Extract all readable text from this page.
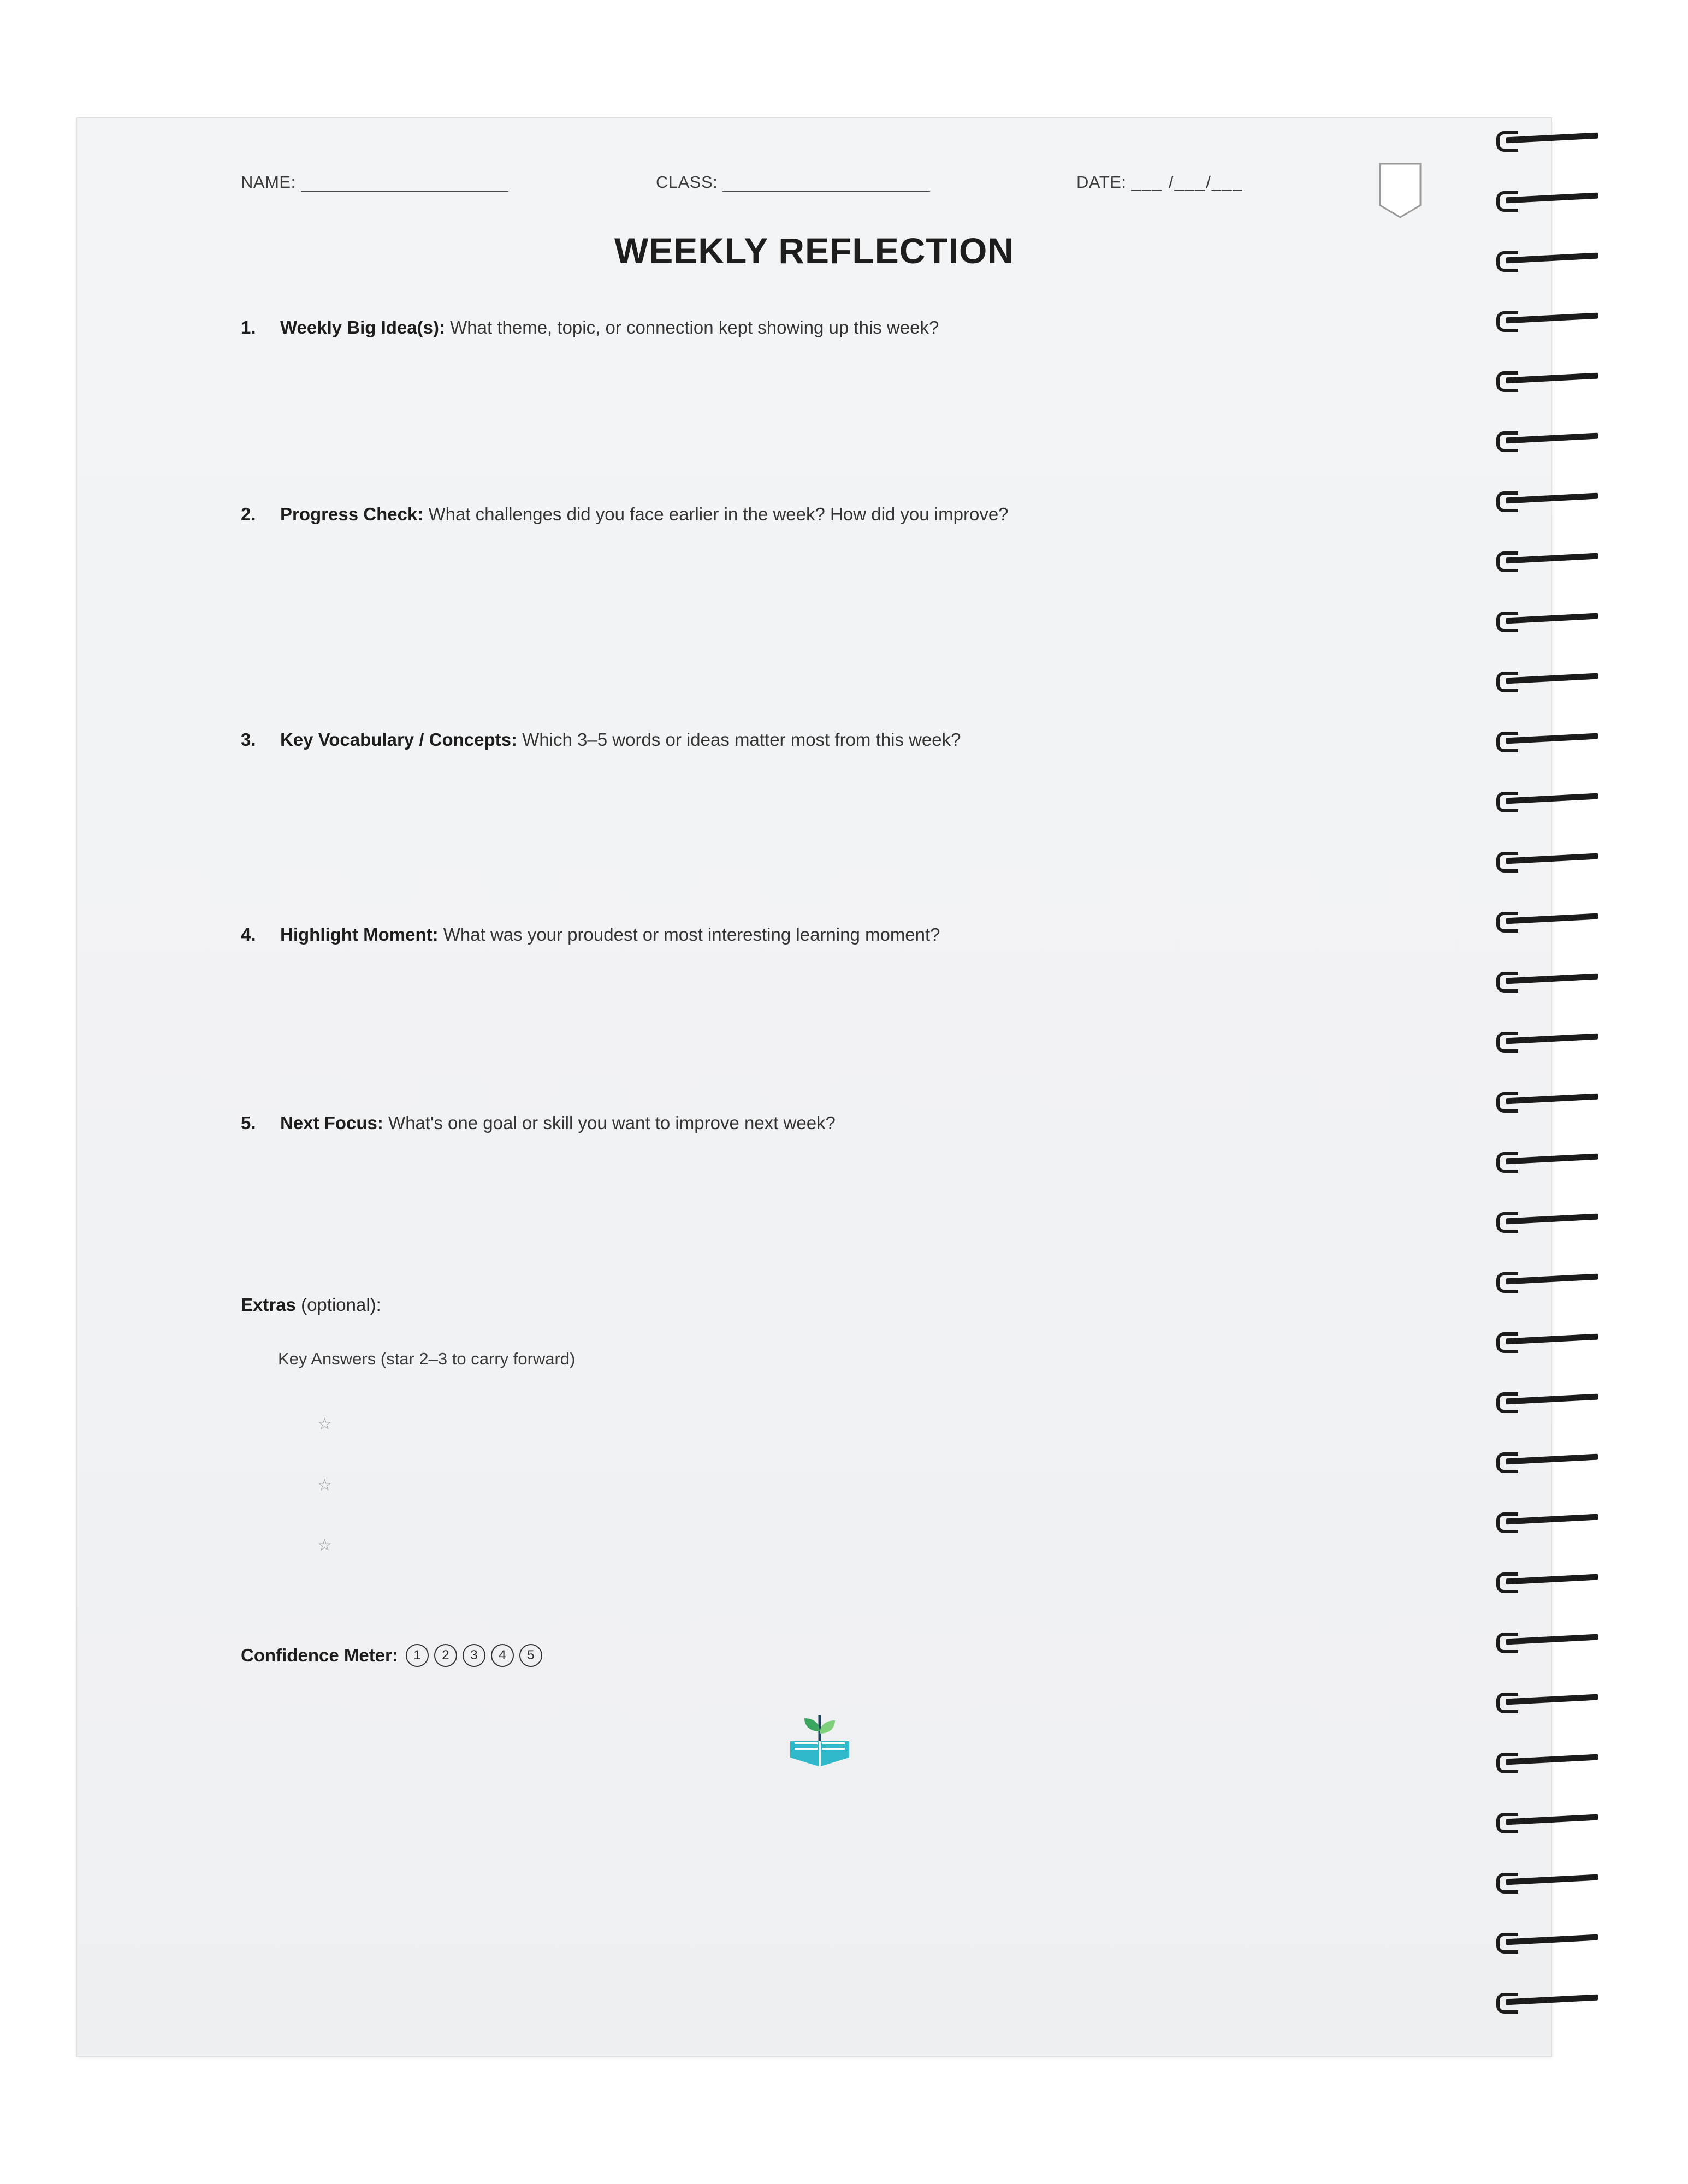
NAME:	CLASS:	DATE: ___ /___/___
WEEKLY REFLECTION
1.	Weekly Big Idea(s): What theme, topic, or connection kept showing up this week?
2.	Progress Check: What challenges did you face earlier in the week? How did you improve?
3.	Key Vocabulary / Concepts: Which 3–5 words or ideas matter most from this week?
4.	Highlight Moment: What was your proudest or most interesting learning moment?
5.	Next Focus: What's one goal or skill you want to improve next week?
Extras (optional):
Key Answers (star 2–3 to carry forward)
☆
☆
☆
Confidence Meter:	1	2	3	4	5
